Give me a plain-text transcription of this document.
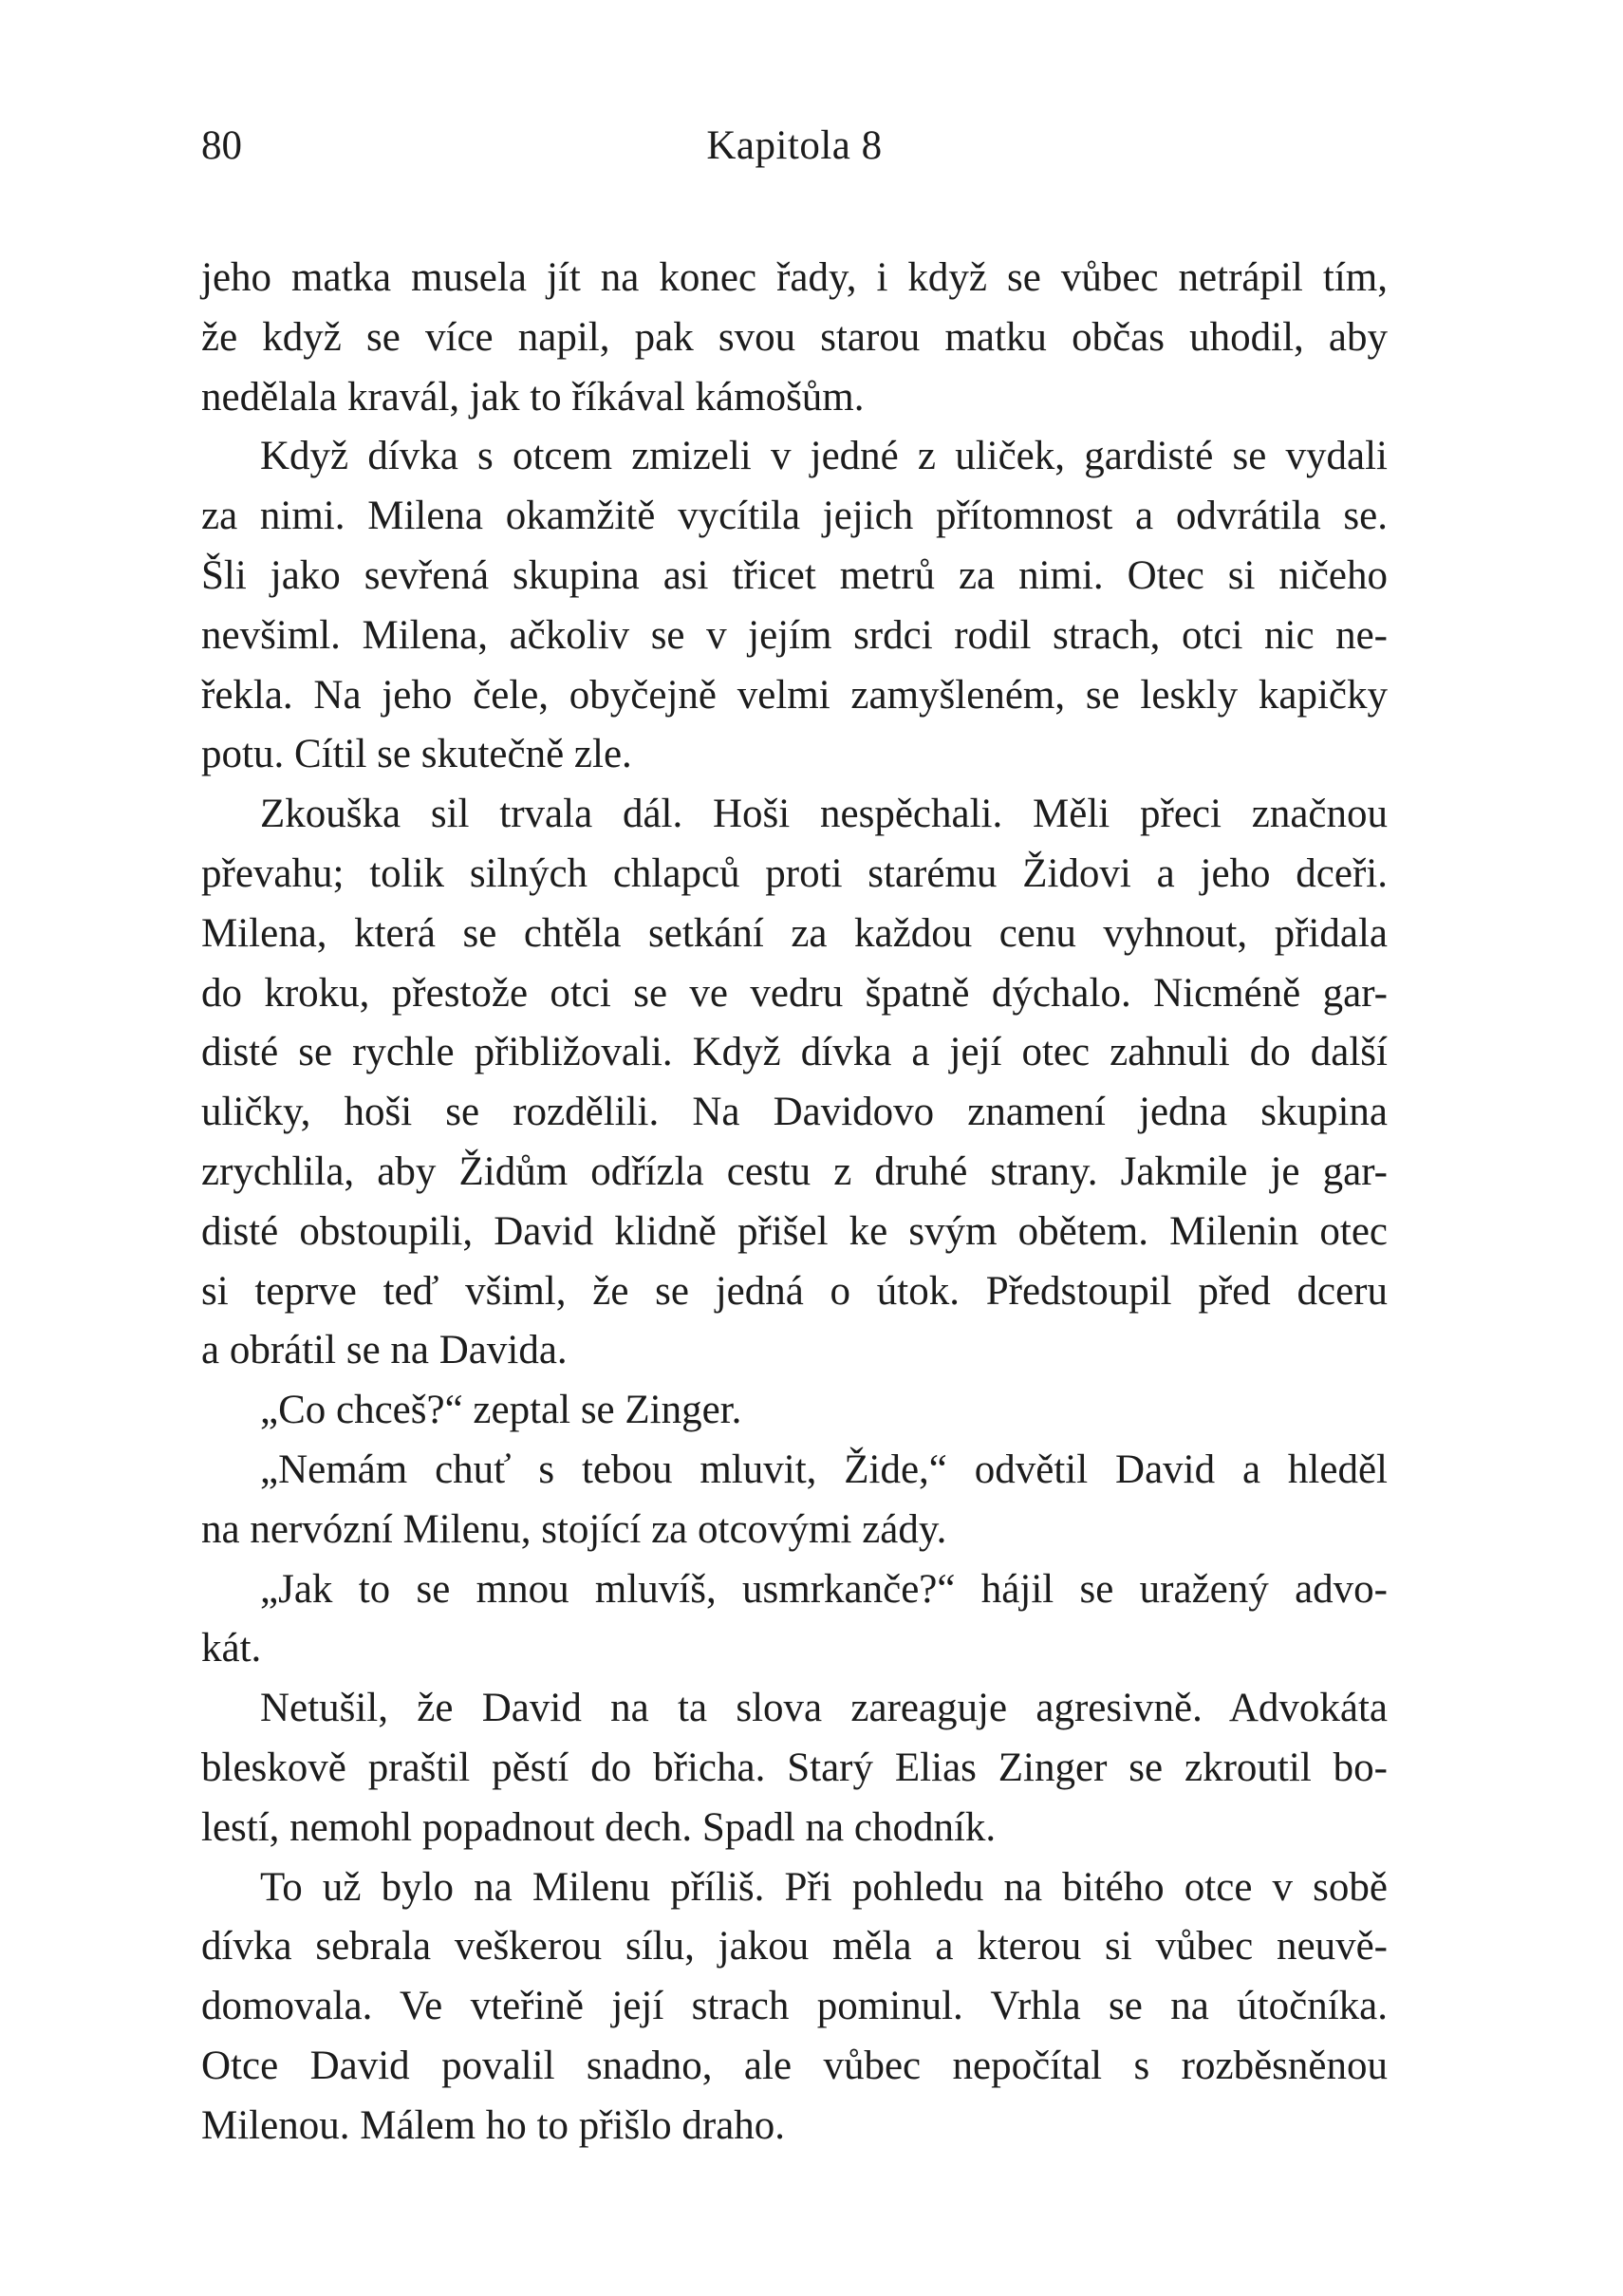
80	Kapitola 8
jeho matka musela jít na konec řady, i když se vůbec netrápil tím,
že když se více napil, pak svou starou matku občas uhodil, aby
nedělala kravál, jak to říkával kámošům.
Když dívka s otcem zmizeli v jedné z uliček, gardisté se vydali
za nimi. Milena okamžitě vycítila jejich přítomnost a odvrátila se.
Šli jako sevřená skupina asi třicet metrů za nimi. Otec si ničeho
nevšiml. Milena, ačkoliv se v jejím srdci rodil strach, otci nic ne-
řekla. Na jeho čele, obyčejně velmi zamyšleném, se leskly kapičky
potu. Cítil se skutečně zle.
Zkouška sil trvala dál. Hoši nespěchali. Měli přeci značnou
převahu; tolik silných chlapců proti starému Židovi a jeho dceři.
Milena, která se chtěla setkání za každou cenu vyhnout, přidala
do kroku, přestože otci se ve vedru špatně dýchalo. Nicméně gar-
disté se rychle přibližovali. Když dívka a její otec zahnuli do další
uličky, hoši se rozdělili. Na Davidovo znamení jedna skupina
zrychlila, aby Židům odřízla cestu z druhé strany. Jakmile je gar-
disté obstoupili, David klidně přišel ke svým obětem. Milenin otec
si teprve teď všiml, že se jedná o útok. Předstoupil před dceru
a obrátil se na Davida.
„Co chceš?“ zeptal se Zinger.
„Nemám chuť s tebou mluvit, Žide,“ odvětil David a hleděl
na nervózní Milenu, stojící za otcovými zády.
„Jak to se mnou mluvíš, usmrkanče?“ hájil se uražený advo-
kát.
Netušil, že David na ta slova zareaguje agresivně. Advokáta
bleskově praštil pěstí do břicha. Starý Elias Zinger se zkroutil bo-
lestí, nemohl popadnout dech. Spadl na chodník.
To už bylo na Milenu příliš. Při pohledu na bitého otce v sobě
dívka sebrala veškerou sílu, jakou měla a kterou si vůbec neuvě-
domovala. Ve vteřině její strach pominul. Vrhla se na útočníka.
Otce David povalil snadno, ale vůbec nepočítal s rozběsněnou
Milenou. Málem ho to přišlo draho.
